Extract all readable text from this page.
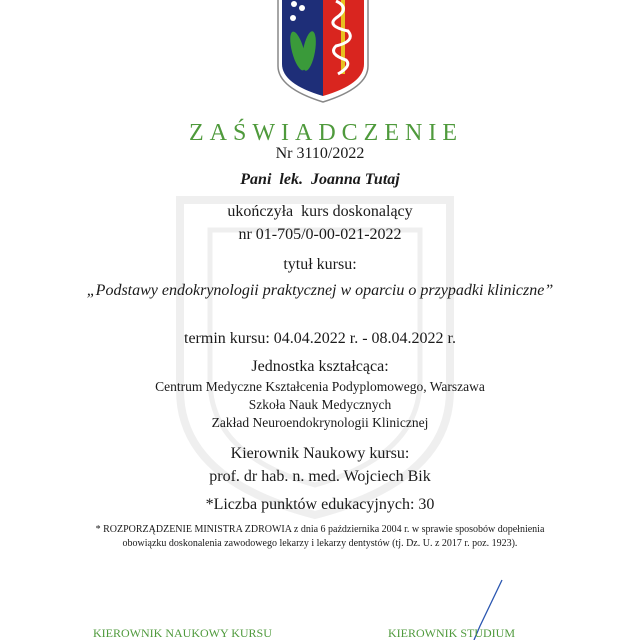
ZAŚWIADCZENIE
Nr 3110/2022
Pani  lek.  Joanna Tutaj
ukończyła  kurs doskonalący
nr 01-705/0-00-021-2022
tytuł kursu:
„Podstawy endokrynologii praktycznej w oparciu o przypadki kliniczne”
termin kursu: 04.04.2022 r. - 08.04.2022 r.
Jednostka kształcąca:
Centrum Medyczne Kształcenia Podyplomowego, Warszawa
Szkoła Nauk Medycznych
Zakład Neuroendokrynologii Klinicznej
Kierownik Naukowy kursu:
prof. dr hab. n. med. Wojciech Bik
*Liczba punktów edukacyjnych: 30
* ROZPORZĄDZENIE MINISTRA ZDROWIA z dnia 6 października 2004 r. w sprawie sposobów dopełnienia
obowiązku doskonalenia zawodowego lekarzy i lekarzy dentystów (tj. Dz. U. z 2017 r. poz. 1923).
KIEROWNIK NAUKOWY KURSU	KIEROWNIK STUDIUM
